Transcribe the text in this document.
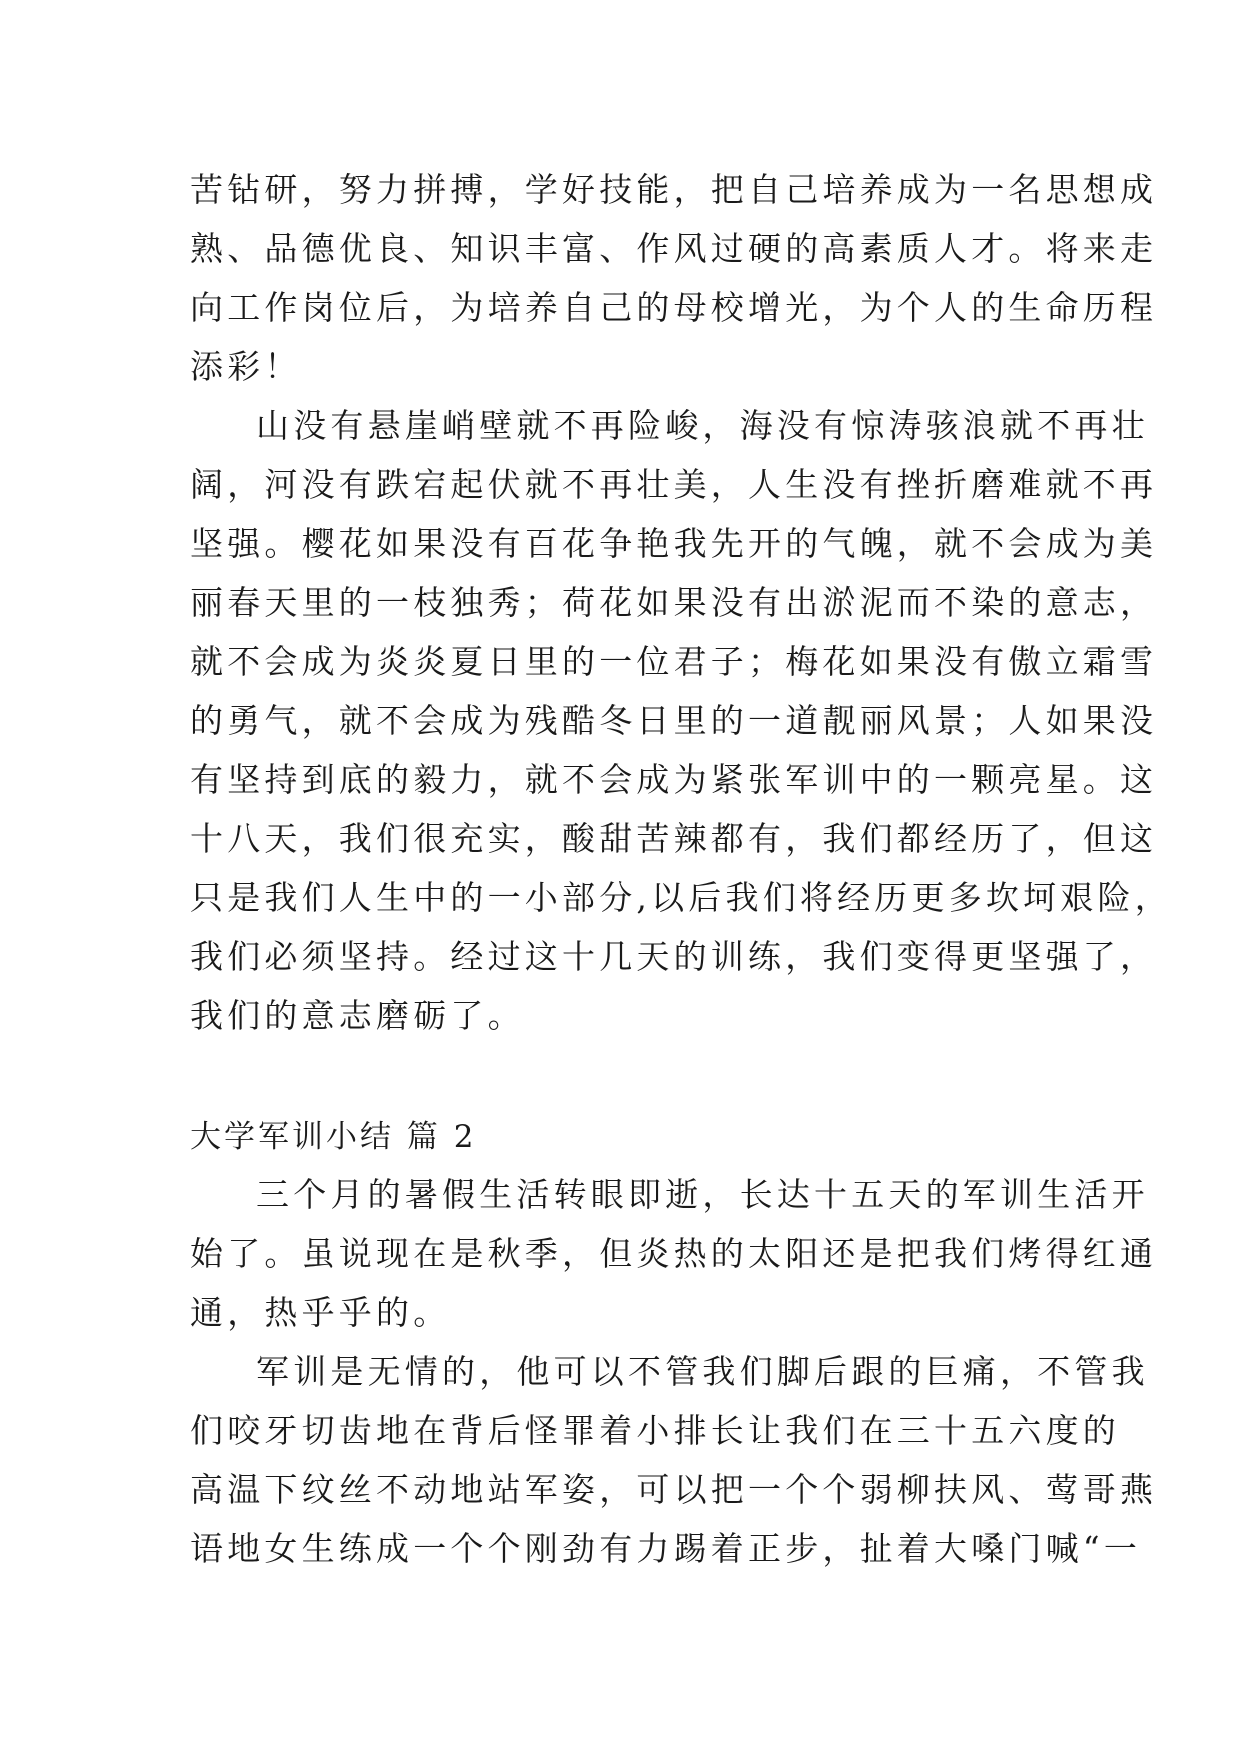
苦钻研，努力拼搏，学好技能，把自己培养成为一名思想成
熟、品德优良、知识丰富、作风过硬的高素质人才。将来走
向工作岗位后，为培养自己的母校增光，为个人的生命历程
添彩！
山没有悬崖峭壁就不再险峻，海没有惊涛骇浪就不再壮
阔，河没有跌宕起伏就不再壮美，人生没有挫折磨难就不再
坚强。樱花如果没有百花争艳我先开的气魄，就不会成为美
丽春天里的一枝独秀；荷花如果没有出淤泥而不染的意志，
就不会成为炎炎夏日里的一位君子；梅花如果没有傲立霜雪
的勇气，就不会成为残酷冬日里的一道靓丽风景；人如果没
有坚持到底的毅力，就不会成为紧张军训中的一颗亮星。这
十八天，我们很充实，酸甜苦辣都有，我们都经历了，但这
只是我们人生中的一小部分,以后我们将经历更多坎坷艰险，
我们必须坚持。经过这十几天的训练，我们变得更坚强了，
我们的意志磨砺了。
大学军训小结 篇 2
三个月的暑假生活转眼即逝，长达十五天的军训生活开
始了。虽说现在是秋季，但炎热的太阳还是把我们烤得红通
通，热乎乎的。
军训是无情的，他可以不管我们脚后跟的巨痛，不管我
们咬牙切齿地在背后怪罪着小排长让我们在三十五六度的
高温下纹丝不动地站军姿，可以把一个个弱柳扶风、莺哥燕
语地女生练成一个个刚劲有力踢着正步，扯着大嗓门喊“一
